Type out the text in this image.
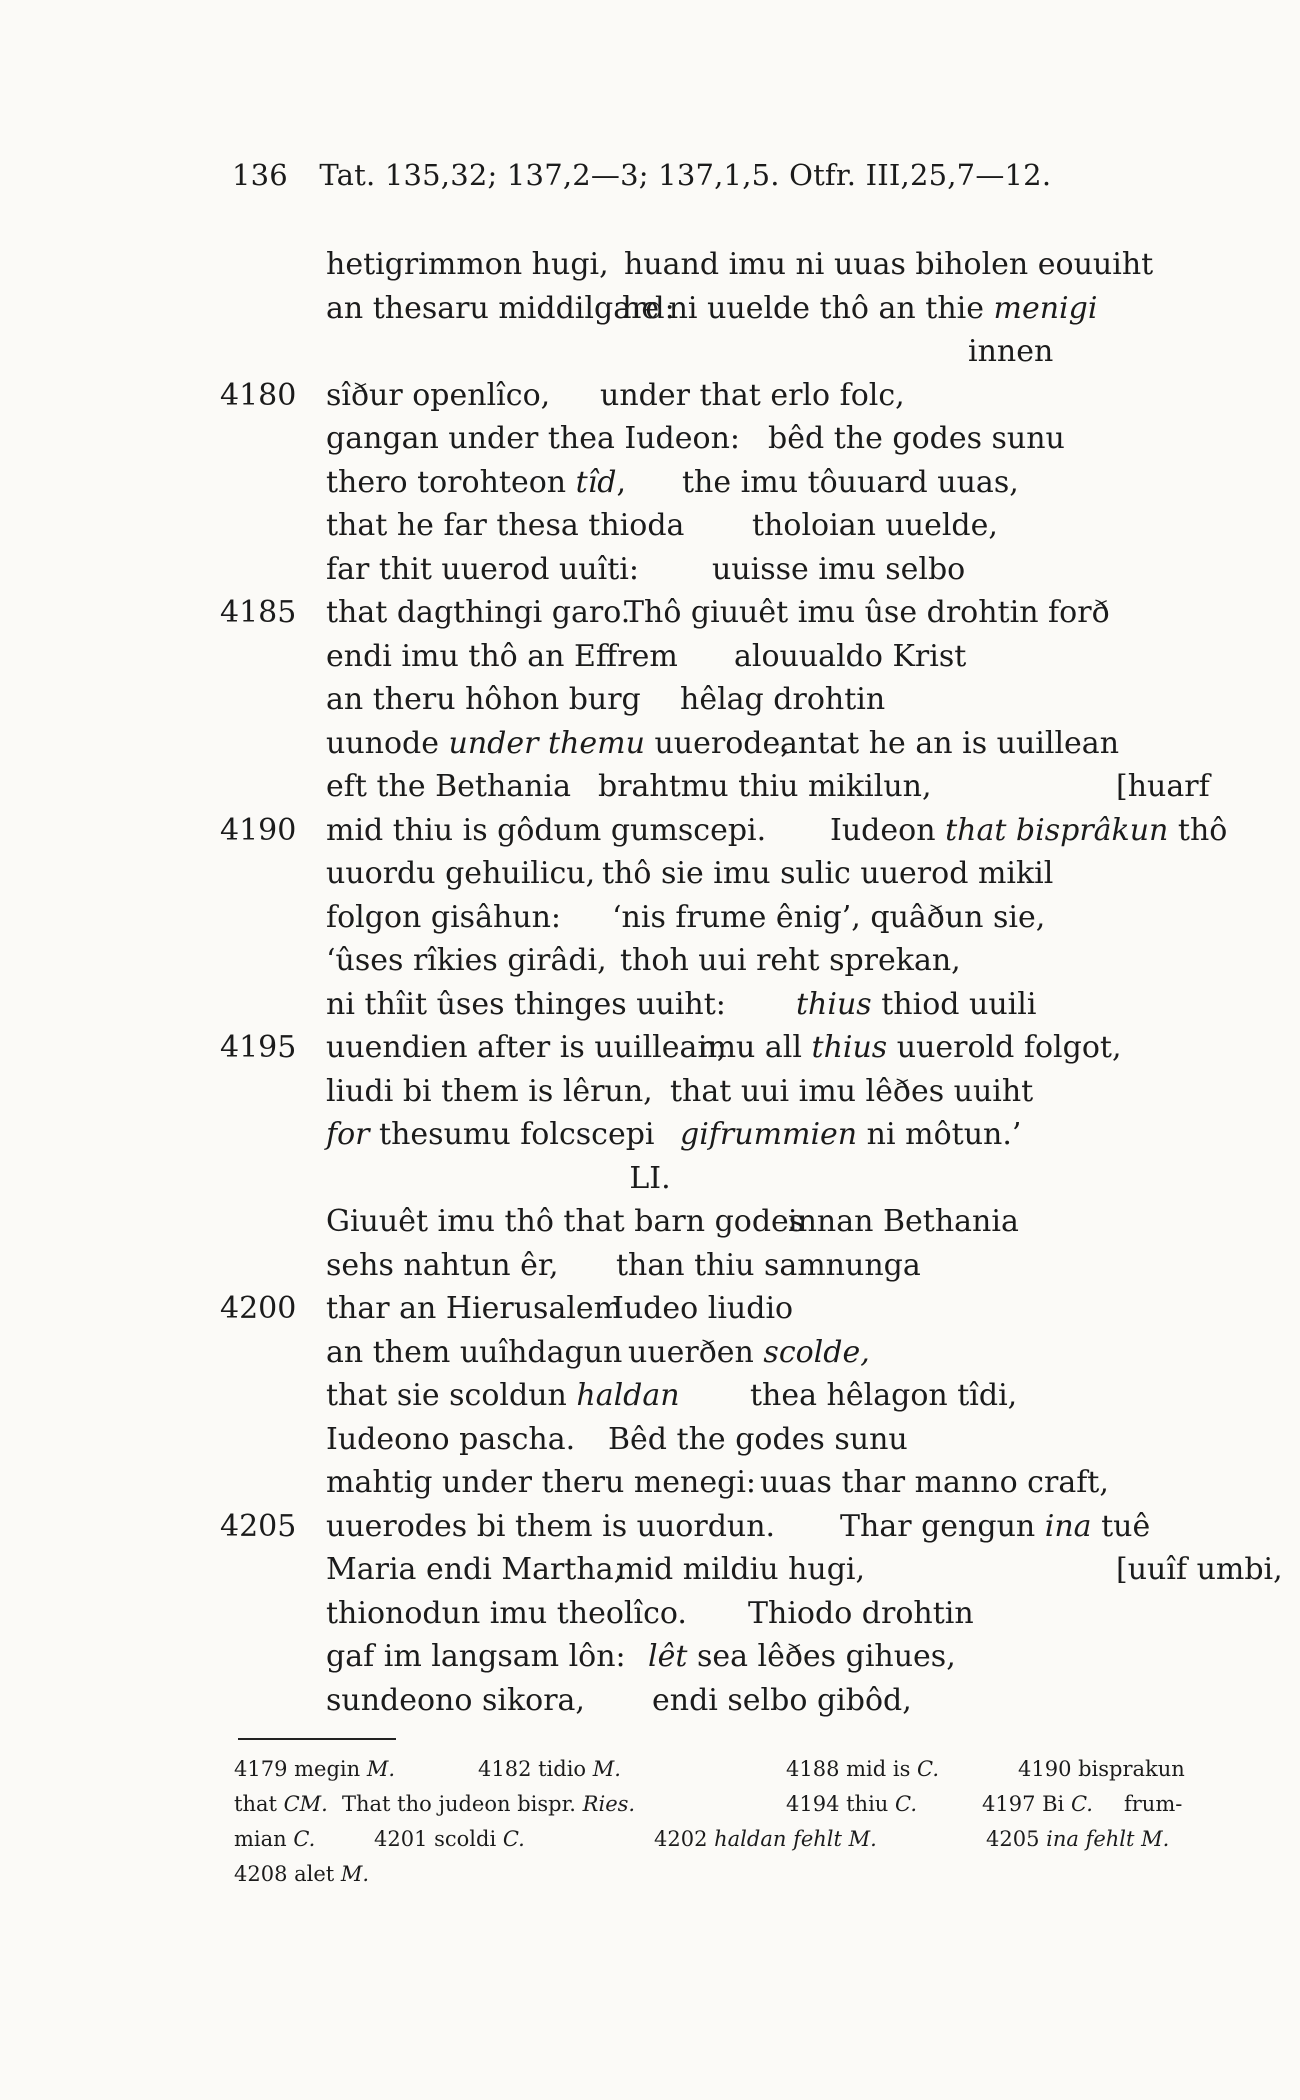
136 Tat. 135,32; 137,2—3; 137,1,5. Otfr. III,25,7—12.
hetigrimmon hugi, huand imu ni uuas biholen eouuiht
an thesaru middilgard:
he ni uuelde thô an thie menigi
innen
4180 sîður openlîco, under that erlo folc,
gangan under thea Iudeon: bêd the godes sunu
thero torohteon tîd, the imu tôuuard uuas,
that he far thesa thioda tholoian uuelde,
far thit uuerod uuîti: uuisse imu selbo
4185 that dagthingi garo.
Thô giuuêt imu ûse drohtin forð
endi imu thô an Effrem alouualdo Krist
an theru hôhon burg hêlag drohtin
uunode under themu uuerode,
antat he an is uuillean
eft the Bethania brahtmu thiu mikilun,	[huarf
4190 mid thiu is gôdum gumscepi. Iudeon that bisprâkun thô
uuordu gehuilicu, thô sie imu sulic uuerod mikil
folgon gisâhun: ‘nis frume ênig’, quâðun sie,
‘ûses rîkies girâdi, thoh uui reht sprekan,
ni thîit ûses thinges uuiht: thius thiod uuili
4195 uuendien after is uuillean;
imu all thius uuerold folgot,
liudi bi them is lêrun, that uui imu lêðes uuiht
for thesumu folcscepi gifrummien ni môtun.’
LI.
Giuuêt imu thô that barn godes
innan Bethania
sehs nahtun êr, than thiu samnunga
4200 thar an Hierusalem
Iudeo liudio
an them uuîhdagun uuerðen scolde,
that sie scoldun haldan thea hêlagon tîdi,
Iudeono pascha. Bêd the godes sunu
mahtig under theru menegi: uuas thar manno craft,
4205 uuerodes bi them is uuordun. Thar gengun ina tuê
Maria endi Martha,
mid mildiu hugi,	[uuîf umbi,
thionodun imu theolîco. Thiodo drohtin
gaf im langsam lôn: lêt sea lêðes gihues,
sundeono sikora, endi selbo gibôd,
4179 megin M.	4182 tidio M.	4188 mid is C.	4190 bisprakun
that CM. That tho judeon bispr. Ries.	4194 thiu C.	4197 Bi C. frum-
mian C.	4201 scoldi C.	4202 haldan fehlt M.	4205 ina fehlt M.
4208 alet M.
